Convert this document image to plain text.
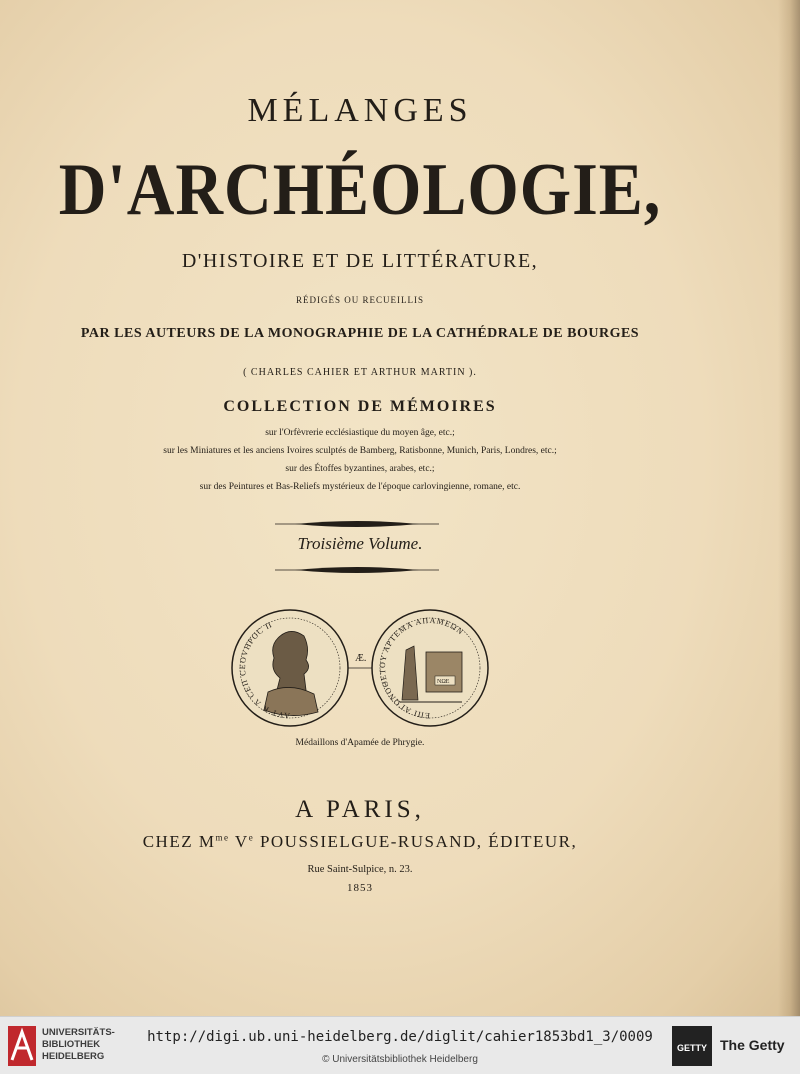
MÉLANGES
D'ARCHÉOLOGIE,
D'HISTOIRE ET DE LITTÉRATURE,
RÉDIGÉS OU RECUEILLIS
PAR LES AUTEURS DE LA MONOGRAPHIE DE LA CATHÉDRALE DE BOURGES
( CHARLES CAHIER ET ARTHUR MARTIN ).
COLLECTION DE MÉMOIRES
sur l'Orfèvrerie ecclésiastique du moyen âge, etc.;
sur les Miniatures et les anciens Ivoires sculptés de Bamberg, Ratisbonne, Munich, Paris, Londres, etc.;
sur des Étoffes byzantines, arabes, etc.;
sur des Peintures et Bas-Reliefs mystérieux de l'époque carlovingienne, romane, etc.
Troisième Volume.
AVT K Λ CEΠ CEOVHPOC Π
Æ.
ΝΩΕ
ΕΠΙ ΑΓΩΝΟΘΕΤΟΥ ΑΡΤΕΜΑ ΑΠΑΜΕΩΝ
Médaillons d'Apamée de Phrygie.
A PARIS,
CHEZ $M^{me}$ Ve POUSSIELGUE-RUSAND, ÉDITEUR,
Rue Saint-Sulpice, n. 23.
1853
UNIVERSITÄTS-
BIBLIOTHEK
HEIDELBERG
http://digi.ub.uni-heidelberg.de/diglit/cahier1853bd1_3/0009
© Universitätsbibliothek Heidelberg
GETTY The Getty
